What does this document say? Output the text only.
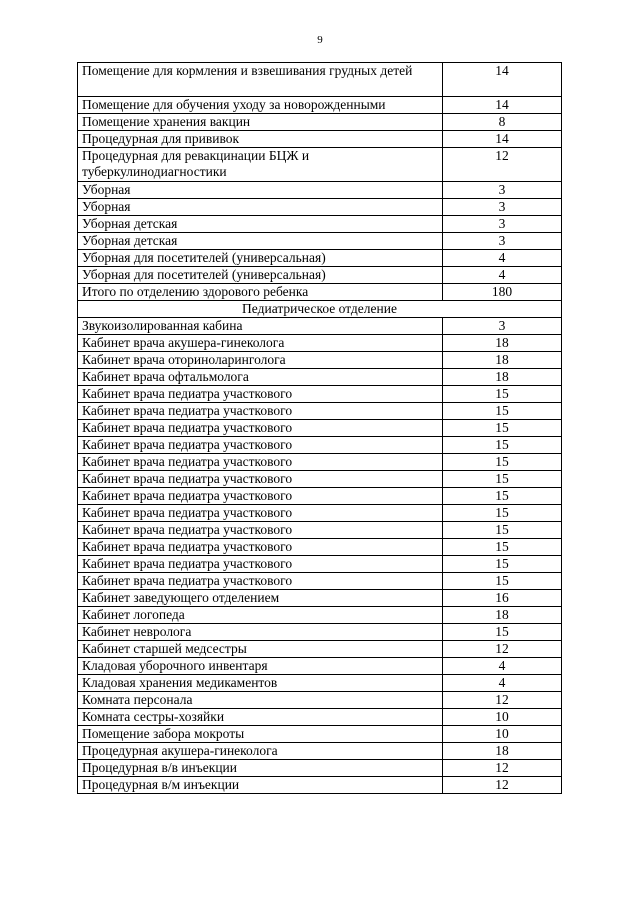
9
Помещение для кормления и взвешивания грудных детей	14
Помещение для обучения уходу за новорожденными	14
Помещение хранения вакцин	8
Процедурная для прививок	14
Процедурная для ревакцинации БЦЖ и туберкулинодиагностики	12
Уборная	3
Уборная	3
Уборная детская	3
Уборная детская	3
Уборная для посетителей (универсальная)	4
Уборная для посетителей (универсальная)	4
Итого по отделению здорового ребенка	180
Педиатрическое отделение	
Звукоизолированная кабина	3
Кабинет врача акушера-гинеколога	18
Кабинет врача оториноларинголога	18
Кабинет врача офтальмолога	18
Кабинет врача педиатра участкового	15
Кабинет врача педиатра участкового	15
Кабинет врача педиатра участкового	15
Кабинет врача педиатра участкового	15
Кабинет врача педиатра участкового	15
Кабинет врача педиатра участкового	15
Кабинет врача педиатра участкового	15
Кабинет врача педиатра участкового	15
Кабинет врача педиатра участкового	15
Кабинет врача педиатра участкового	15
Кабинет врача педиатра участкового	15
Кабинет врача педиатра участкового	15
Кабинет заведующего отделением	16
Кабинет логопеда	18
Кабинет невролога	15
Кабинет старшей медсестры	12
Кладовая уборочного инвентаря	4
Кладовая хранения медикаментов	4
Комната персонала	12
Комната сестры-хозяйки	10
Помещение забора мокроты	10
Процедурная акушера-гинеколога	18
Процедурная в/в инъекции	12
Процедурная в/м инъекции	12
